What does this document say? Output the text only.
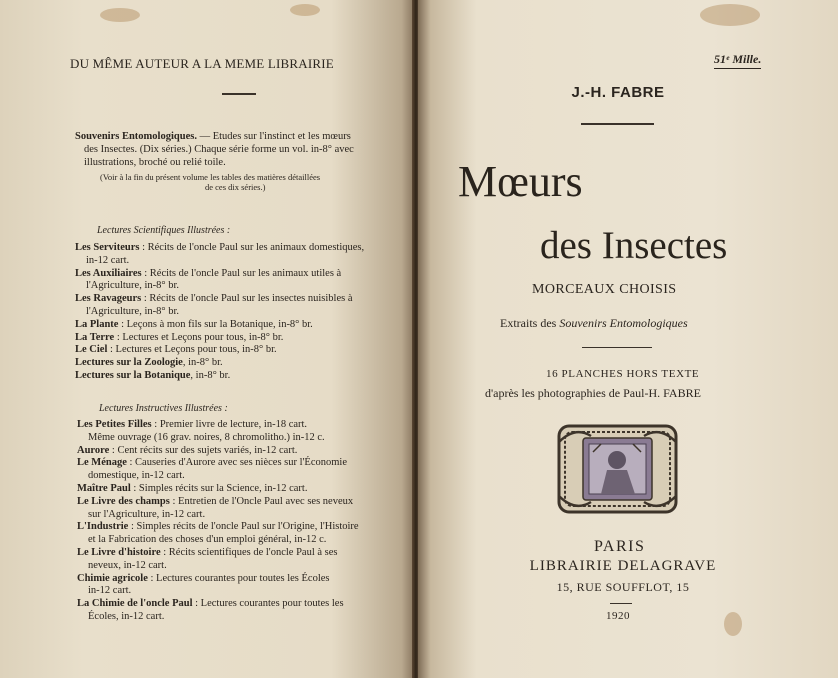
DU MÊME AUTEUR A LA MEME LIBRAIRIE
Souvenirs Entomologiques. — Etudes sur l'instinct et les mœurs
des Insectes. (Dix séries.) Chaque série forme un vol. in-8° avec
illustrations, broché ou relié toile.
(Voir à la fin du présent volume les tables des matières détaillées
de ces dix séries.)
Lectures Scientifiques Illustrées :
Les Serviteurs : Récits de l'oncle Paul sur les animaux domestiques,
in-12 cart.
Les Auxiliaires : Récits de l'oncle Paul sur les animaux utiles à
l'Agriculture, in-8° br.
Les Ravageurs : Récits de l'oncle Paul sur les insectes nuisibles à
l'Agriculture, in-8° br.
La Plante : Leçons à mon fils sur la Botanique, in-8° br.
La Terre : Lectures et Leçons pour tous, in-8° br.
Le Ciel : Lectures et Leçons pour tous, in-8° br.
Lectures sur la Zoologie, in-8° br.
Lectures sur la Botanique, in-8° br.
Lectures Instructives Illustrées :
Les Petites Filles : Premier livre de lecture, in-18 cart.
Même ouvrage (16 grav. noires, 8 chromolitho.) in-12 c.
Aurore : Cent récits sur des sujets variés, in-12 cart.
Le Ménage : Causeries d'Aurore avec ses nièces sur l'Économie
domestique, in-12 cart.
Maître Paul : Simples récits sur la Science, in-12 cart.
Le Livre des champs : Entretien de l'Oncle Paul avec ses neveux
sur l'Agriculture, in-12 cart.
L'Industrie : Simples récits de l'oncle Paul sur l'Origine, l'Histoire
et la Fabrication des choses d'un emploi général, in-12 c.
Le Livre d'histoire : Récits scientifiques de l'oncle Paul à ses
neveux, in-12 cart.
Chimie agricole : Lectures courantes pour toutes les Écoles
in-12 cart.
La Chimie de l'oncle Paul : Lectures courantes pour toutes les
Écoles, in-12 cart.
51ᵉ Mille.
J.-H. FABRE
Mœurs
des Insectes
MORCEAUX CHOISIS
Extraits des Souvenirs Entomologiques
16 PLANCHES HORS TEXTE
d'après les photographies de Paul-H. FABRE
PARIS
LIBRAIRIE DELAGRAVE
15, RUE SOUFFLOT, 15
1920
